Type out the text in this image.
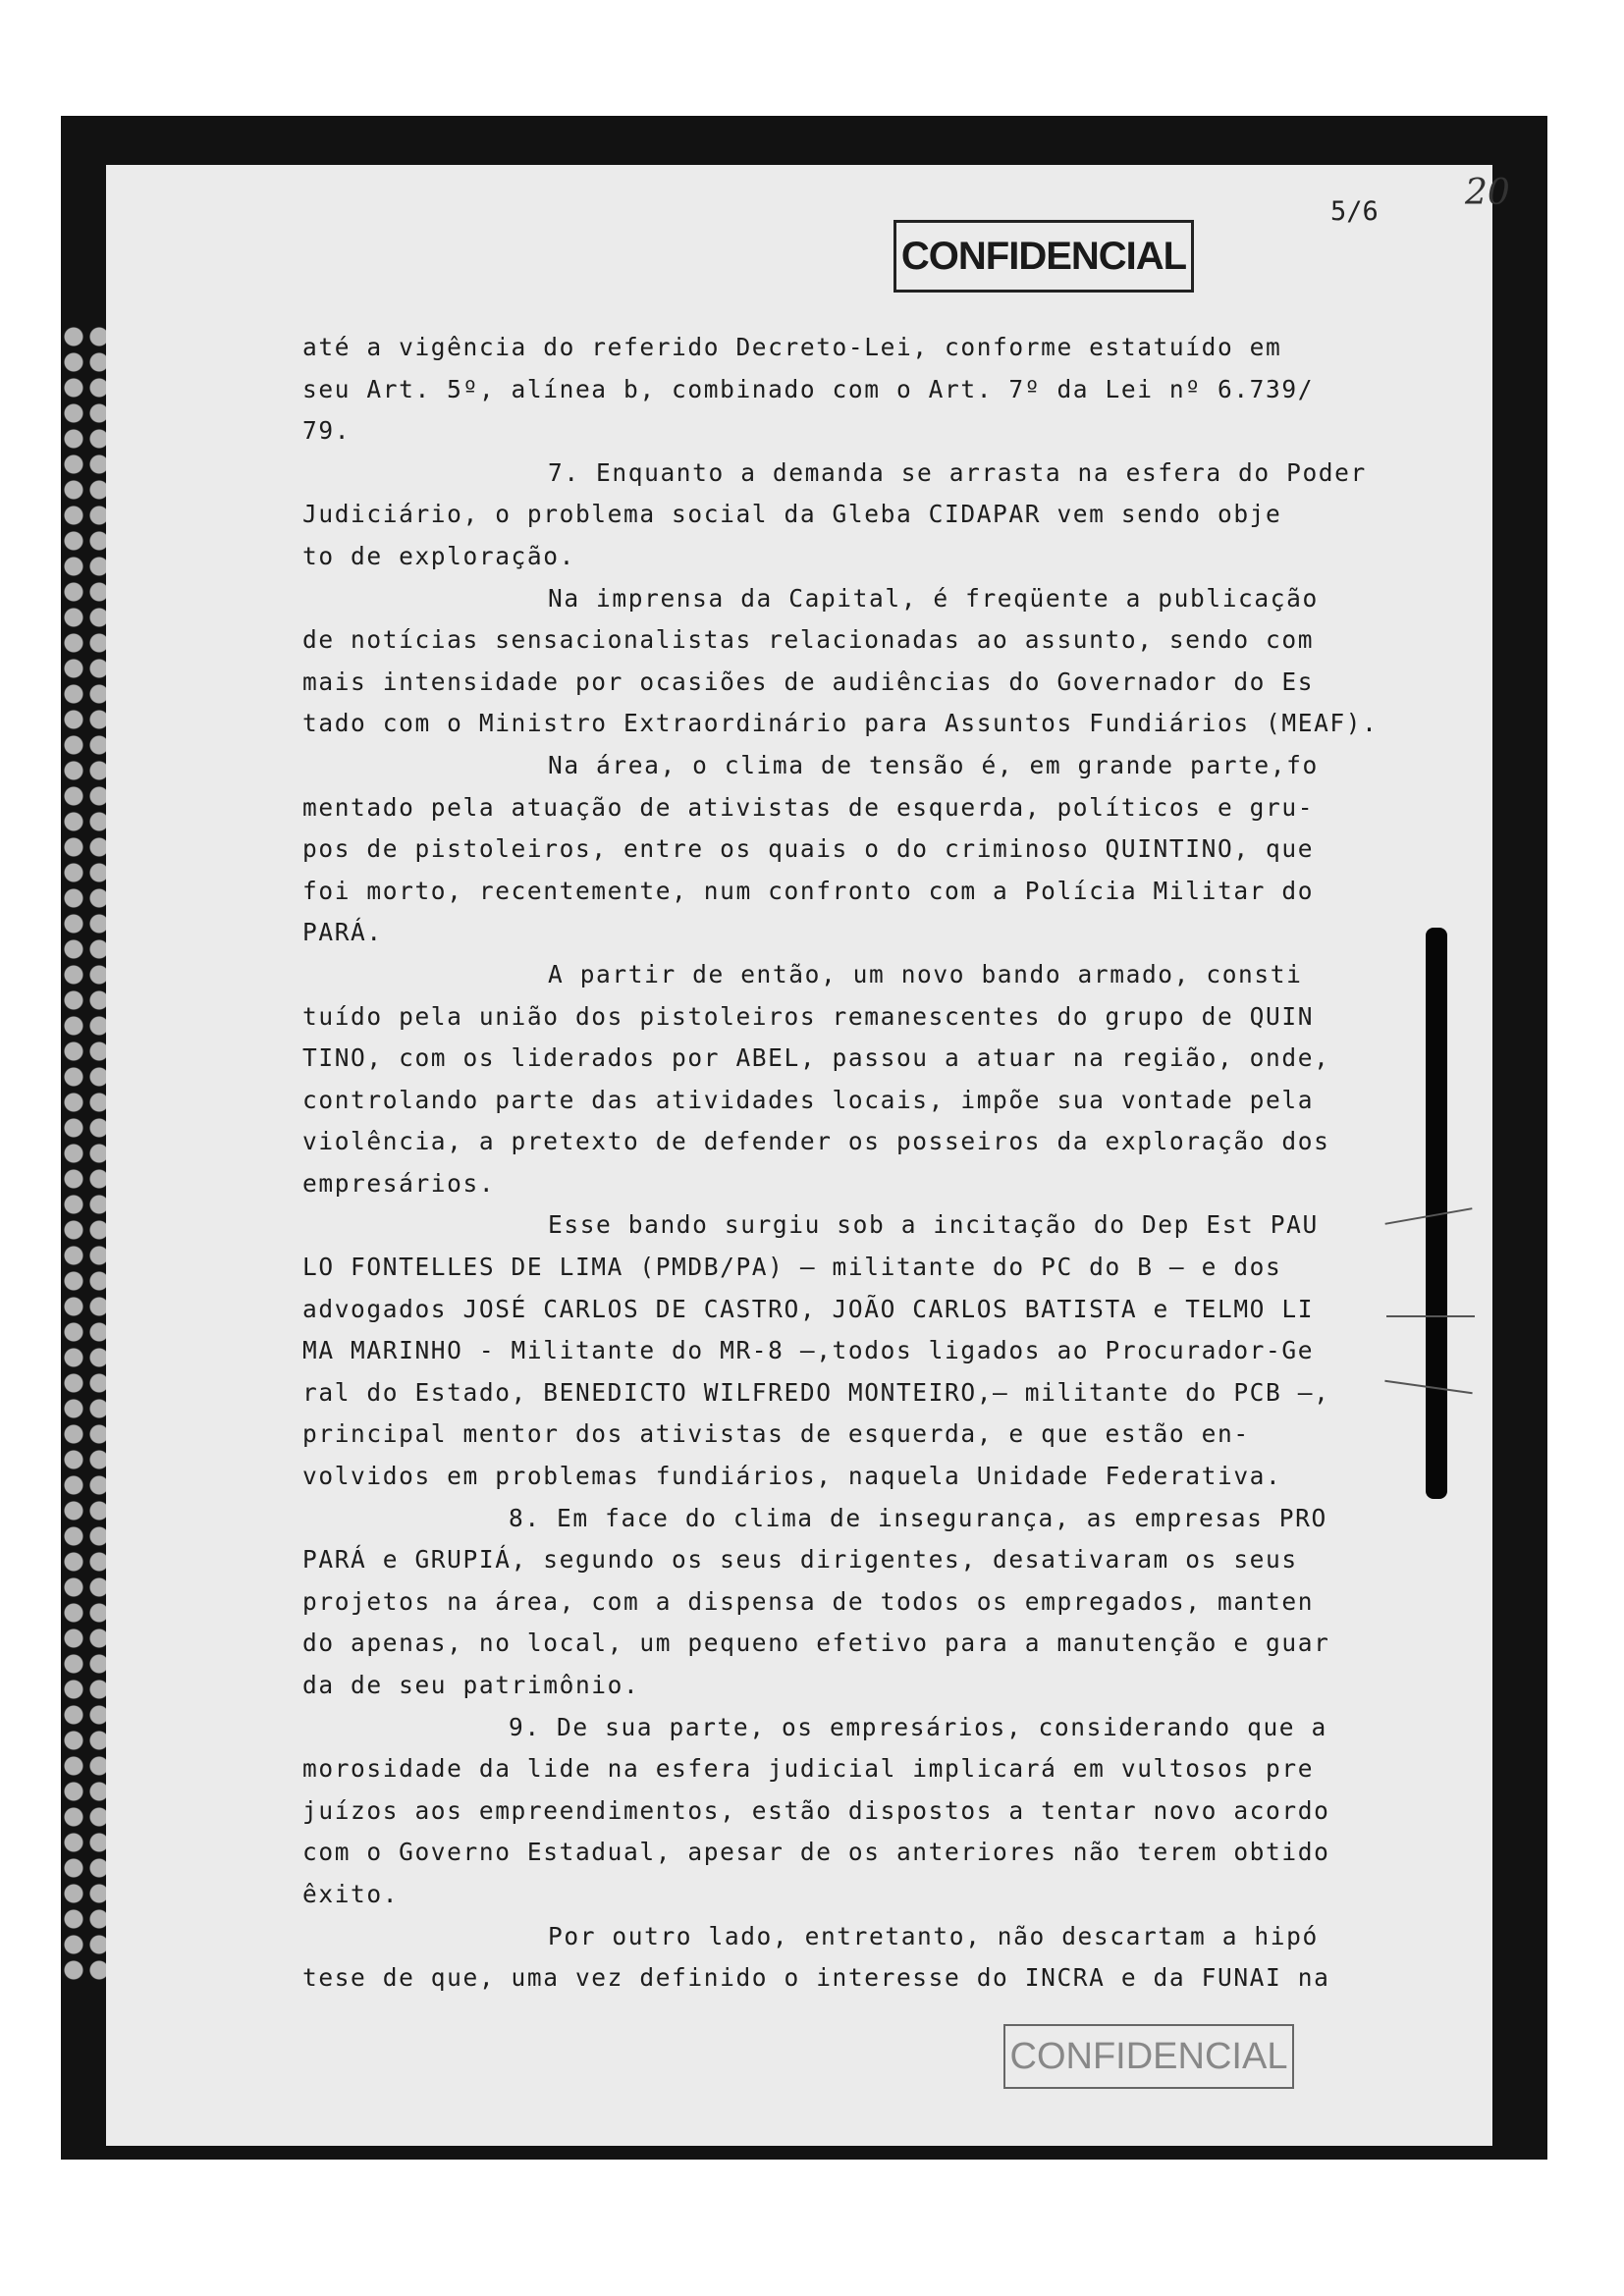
CONFIDENCIAL
5/6 20
até a vigência do referido Decreto-Lei, conforme estatuído em
seu Art. 5º, alínea b, combinado com o Art. 7º da Lei nº 6.739/
79.
7. Enquanto a demanda se arrasta na esfera do Poder
Judiciário, o problema social da Gleba CIDAPAR vem sendo obje
to de exploração.
Na imprensa da Capital, é freqüente a publicação
de notícias sensacionalistas relacionadas ao assunto, sendo com
mais intensidade por ocasiões de audiências do Governador do Es
tado com o Ministro Extraordinário para Assuntos Fundiários (MEAF).
Na área, o clima de tensão é, em grande parte,fo
mentado pela atuação de ativistas de esquerda, políticos e gru-
pos de pistoleiros, entre os quais o do criminoso QUINTINO, que
foi morto, recentemente, num confronto com a Polícia Militar do
PARÁ.
A partir de então, um novo bando armado, consti
tuído pela união dos pistoleiros remanescentes do grupo de QUIN
TINO, com os liderados por ABEL, passou a atuar na região, onde,
controlando parte das atividades locais, impõe sua vontade pela
violência, a pretexto de defender os posseiros da exploração dos
empresários.
Esse bando surgiu sob a incitação do Dep Est PAU
LO FONTELLES DE LIMA (PMDB/PA) — militante do PC do B — e dos
advogados JOSÉ CARLOS DE CASTRO, JOÃO CARLOS BATISTA e TELMO LI
MA MARINHO - Militante do MR-8 —,todos ligados ao Procurador-Ge
ral do Estado, BENEDICTO WILFREDO MONTEIRO,— militante do PCB —,
principal mentor dos ativistas de esquerda, e que estão en-
volvidos em problemas fundiários, naquela Unidade Federativa.
8. Em face do clima de insegurança, as empresas PRO
PARÁ e GRUPIÁ, segundo os seus dirigentes, desativaram os seus
projetos na área, com a dispensa de todos os empregados, manten
do apenas, no local, um pequeno efetivo para a manutenção e guar
da de seu patrimônio.
9. De sua parte, os empresários, considerando que a
morosidade da lide na esfera judicial implicará em vultosos pre
juízos aos empreendimentos, estão dispostos a tentar novo acordo
com o Governo Estadual, apesar de os anteriores não terem obtido
êxito.
Por outro lado, entretanto, não descartam a hipó
tese de que, uma vez definido o interesse do INCRA e da FUNAI na
CONFIDENCIAL
